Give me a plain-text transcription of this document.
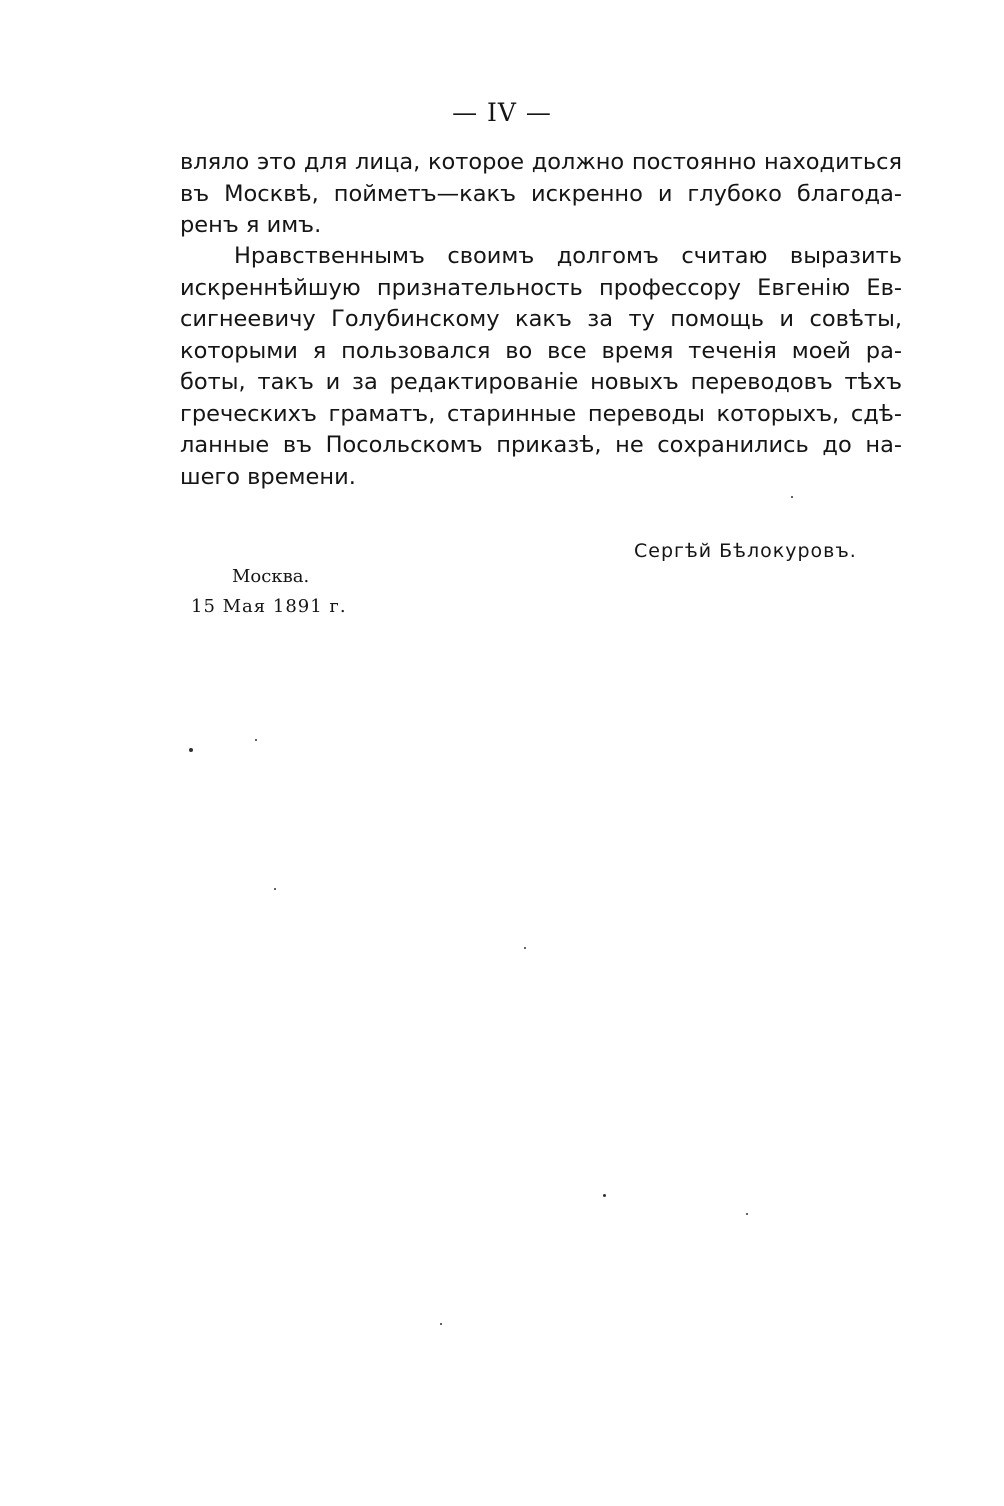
— IV —
вляло это для лица, которое должно постоянно находиться
въ Москвѣ, пойметъ—какъ искренно и глубоко благода-
ренъ я имъ.
Нравственнымъ своимъ долгомъ считаю выразить
искреннѣйшую признательность профессору Евгенію Ев-
сигнеевичу Голубинскому какъ за ту помощь и совѣты,
которыми я пользовался во все время теченія моей ра-
боты, такъ и за редактированіе новыхъ переводовъ тѣхъ
греческихъ граматъ, старинные переводы которыхъ, сдѣ-
ланные въ Посольскомъ приказѣ, не сохранились до на-
шего времени.
Сергѣй Бѣлокуровъ.
Москва.
15 Мая 1891 г.
